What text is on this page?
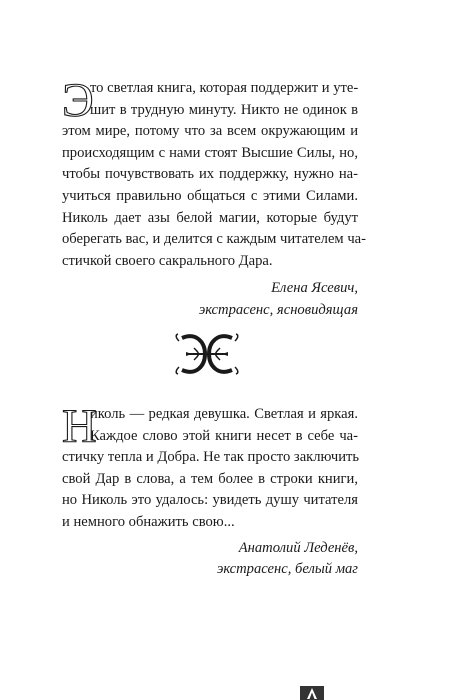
Э
то светлая книга, которая поддержит и уте-
шит в трудную минуту. Никто не одинок в
этом мире, потому что за всем окружающим и
происходящим с нами стоят Высшие Силы, но,
чтобы почувствовать их поддержку, нужно на-
учиться правильно общаться с этими Силами.
Николь дает азы белой магии, которые будут
оберегать вас, и делится с каждым читателем ча-
стичкой своего сакрального Дара.
Елена Ясевич,
экстрасенс, ясновидящая
Н
иколь — редкая девушка. Светлая и яркая.
Каждое слово этой книги несет в себе ча-
стичку тепла и Добра. Не так просто заключить
свой Дар в слова, а тем более в строки книги,
но Николь это удалось: увидеть душу читателя
и немного обнажить свою...
Анатолий Леденёв,
экстрасенс, белый маг
